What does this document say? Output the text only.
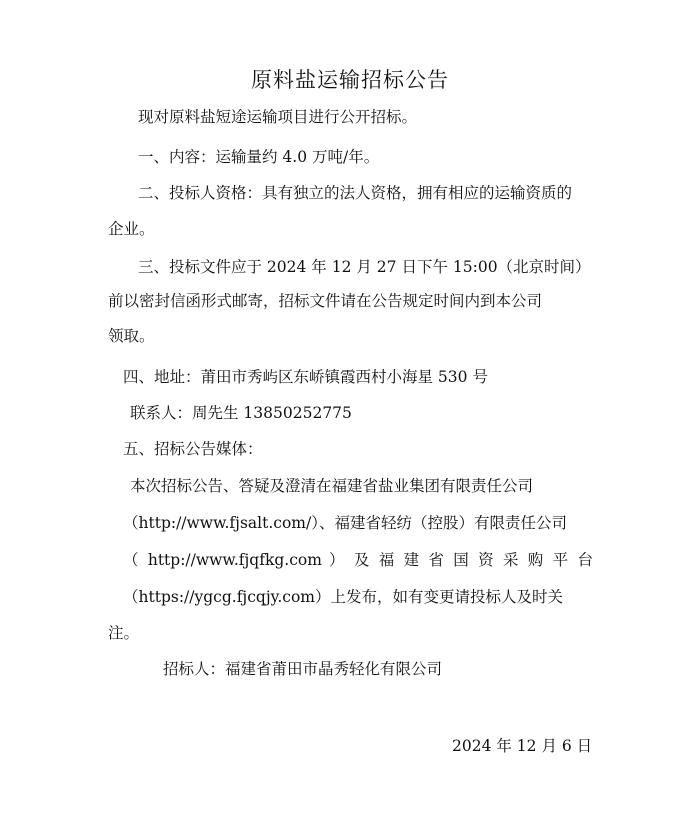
原料盐运输招标公告
现对原料盐短途运输项目进行公开招标。
一、内容：运输量约 4.0 万吨/年。
二、投标人资格：具有独立的法人资格，拥有相应的运输资质的
企业。
三、投标文件应于 2024 年 12 月 27 日下午 15:00（北京时间）
前以密封信函形式邮寄，招标文件请在公告规定时间内到本公司
领取。
四、地址：莆田市秀屿区东峤镇霞西村小海星 530 号
联系人：周先生 13850252775
五、招标公告媒体：
本次招标公告、答疑及澄清在福建省盐业集团有限责任公司
（http://www.fjsalt.com/）、福建省轻纺（控股）有限责任公司
（ http://www.fjqfkg.com ） 及 福 建 省 国 资 采 购 平 台
（https://ygcg.fjcqjy.com）上发布，如有变更请投标人及时关
注。
招标人：福建省莆田市晶秀轻化有限公司
2024 年 12 月 6 日
